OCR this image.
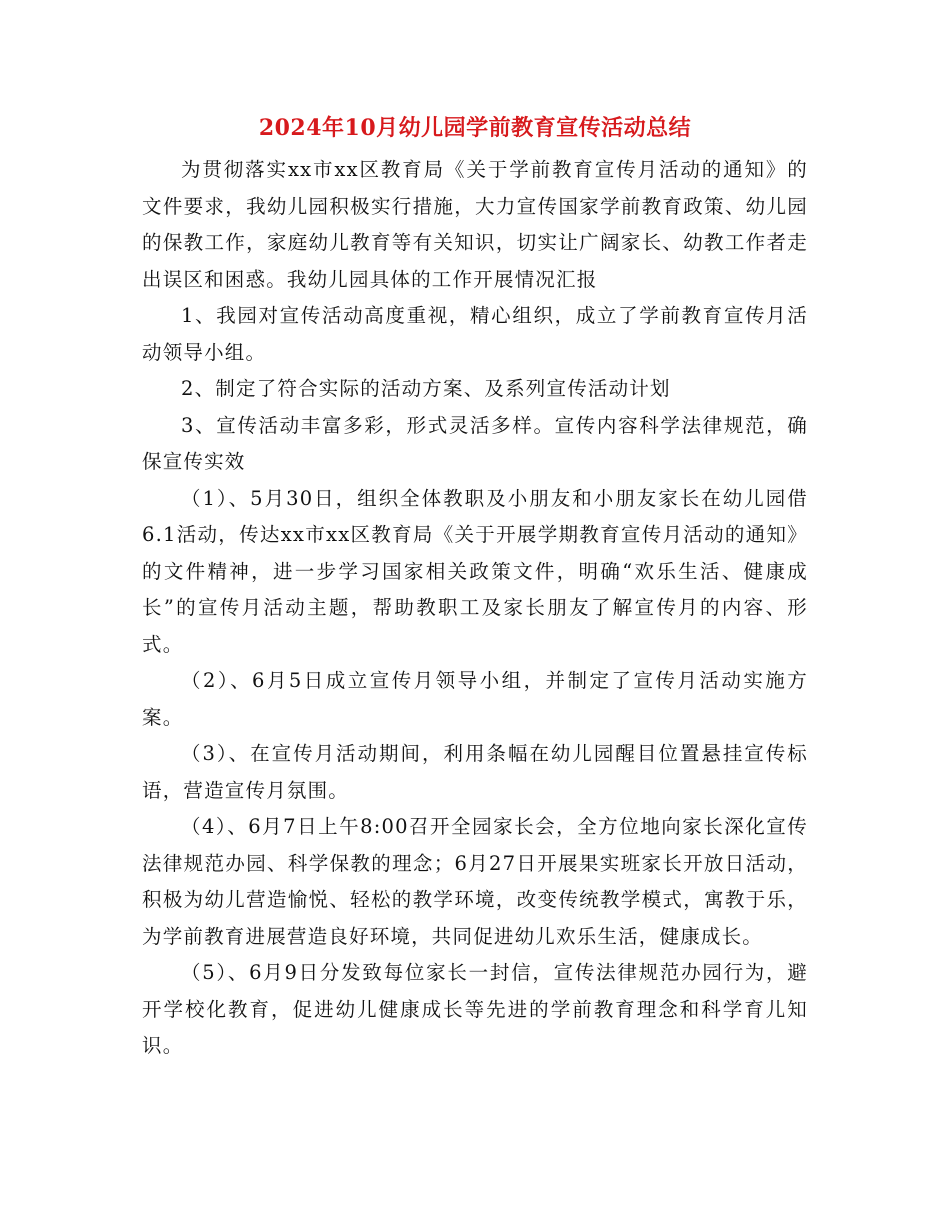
2024年10月幼儿园学前教育宣传活动总结

为贯彻落实xx市xx区教育局《关于学前教育宣传月活动的通知》的文件要求，我幼儿园积极实行措施，大力宣传国家学前教育政策、幼儿园的保教工作，家庭幼儿教育等有关知识，切实让广阔家长、幼教工作者走出误区和困惑。我幼儿园具体的工作开展情况汇报

1、我园对宣传活动高度重视，精心组织，成立了学前教育宣传月活动领导小组。

2、制定了符合实际的活动方案、及系列宣传活动计划

3、宣传活动丰富多彩，形式灵活多样。宣传内容科学法律规范，确保宣传实效

（1）、5月30日，组织全体教职及小朋友和小朋友家长在幼儿园借6.1活动，传达xx市xx区教育局《关于开展学期教育宣传月活动的通知》的文件精神，进一步学习国家相关政策文件，明确“欢乐生活、健康成长”的宣传月活动主题，帮助教职工及家长朋友了解宣传月的内容、形式。

（2）、6月5日成立宣传月领导小组，并制定了宣传月活动实施方案。

（3）、在宣传月活动期间，利用条幅在幼儿园醒目位置悬挂宣传标语，营造宣传月氛围。

（4）、6月7日上午8:00召开全园家长会，全方位地向家长深化宣传法律规范办园、科学保教的理念；6月27日开展果实班家长开放日活动，积极为幼儿营造愉悦、轻松的教学环境，改变传统教学模式，寓教于乐，为学前教育进展营造良好环境，共同促进幼儿欢乐生活，健康成长。

（5）、6月9日分发致每位家长一封信，宣传法律规范办园行为，避开学校化教育，促进幼儿健康成长等先进的学前教育理念和科学育儿知识。
